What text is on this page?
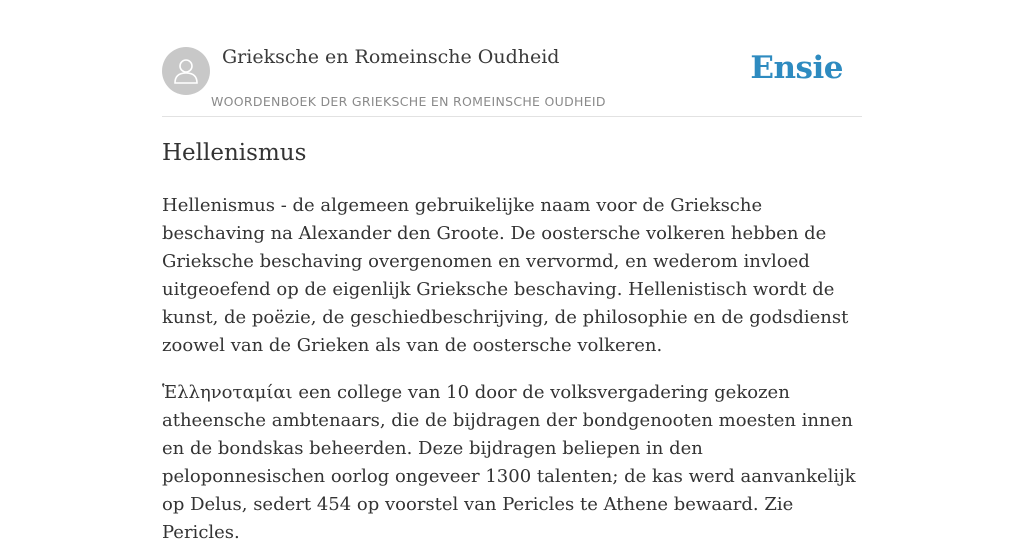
Grieksche en Romeinsche Oudheid
WOORDENBOEK DER GRIEKSCHE EN ROMEINSCHE OUDHEID
Ensie
Hellenismus

Hellenismus - de algemeen gebruikelijke naam voor de Grieksche beschaving na Alexander den Groote. De oostersche volkeren hebben de Grieksche beschaving overgenomen en vervormd, en wederom invloed uitgeoefend op de eigenlijk Grieksche beschaving. Hellenistisch wordt de kunst, de poëzie, de geschiedbeschrijving, de philosophie en de godsdienst zoowel van de Grieken als van de oostersche volkeren.

Ἑλληνοταμίαι een college van 10 door de volksvergadering gekozen atheensche ambtenaars, die de bijdragen der bondgenooten moesten innen en de bondskas beheerden. Deze bijdragen beliepen in den peloponnesischen oorlog ongeveer 1300 talenten; de kas werd aanvankelijk op Delus, sedert 454 op voorstel van Pericles te Athene bewaard. Zie Pericles.
